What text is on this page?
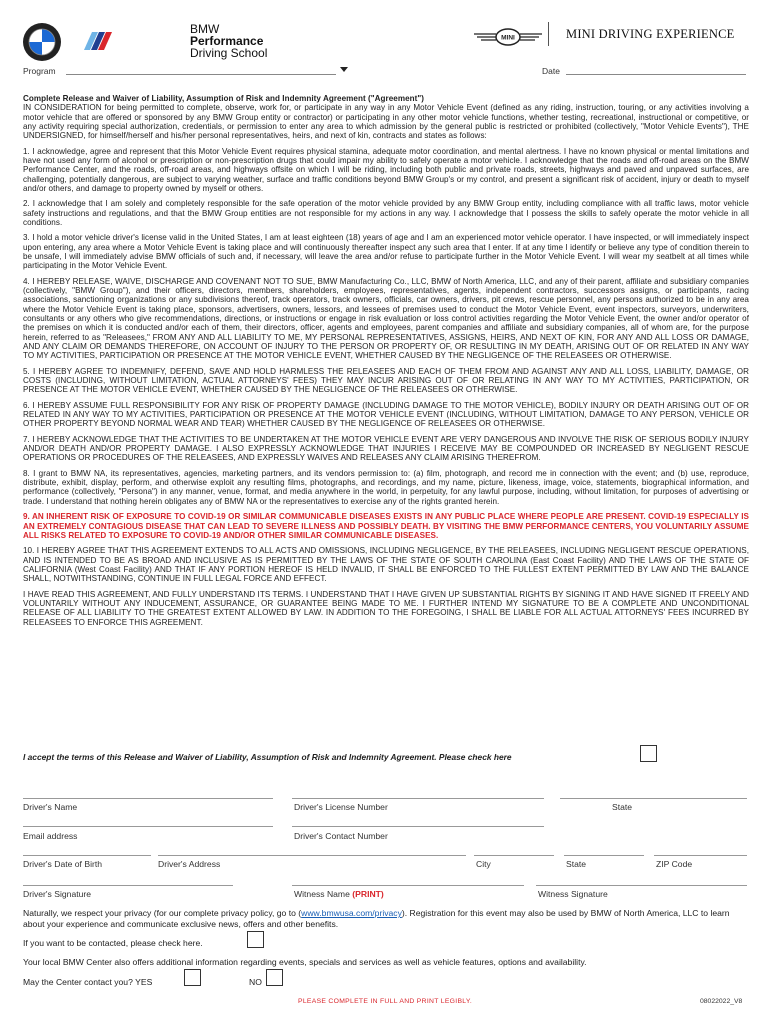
BMW
Performance
Driving School
MINI	MINI DRIVING EXPERIENCE
Program	Date

Complete Release and Waiver of Liability, Assumption of Risk and Indemnity Agreement ("Agreement")

IN CONSIDERATION for being permitted to complete, observe, work for, or participate in any way in any Motor Vehicle Event (defined as any riding, instruction, touring, or any activities involving a motor vehicle that are offered or sponsored by any BMW Group entity or contractor) or participating in any other motor vehicle functions, whether testing, recreational, instructional or competitive, or any activity requiring special authorization, credentials, or permission to enter any area to which admission by the general public is restricted or prohibited (collectively, "Motor Vehicle Events"), THE UNDERSIGNED, for himself/herself and his/her personal representatives, heirs, and next of kin, contracts and states as follows:

1. I acknowledge, agree and represent that this Motor Vehicle Event requires physical stamina, adequate motor coordination, and mental alertness. I have no known physical or mental limitations and have not used any form of alcohol or prescription or non-prescription drugs that could impair my ability to safely operate a motor vehicle. I acknowledge that the roads and off-road areas on the BMW Performance Center, and the roads, off-road areas, and highways offsite on which I will be riding, including both public and private roads, streets, highways and paved and unpaved surfaces, are challenging, potentially dangerous, are subject to varying weather, surface and traffic conditions beyond BMW Group's or my control, and present a significant risk of accident, injury or death to myself and/or others, and damage to property owned by myself or others.

2. I acknowledge that I am solely and completely responsible for the safe operation of the motor vehicle provided by any BMW Group entity, including compliance with all traffic laws, motor vehicle safety instructions and regulations, and that the BMW Group entities are not responsible for my actions in any way. I acknowledge that I possess the skills to safely operate the motor vehicle in all conditions.

3. I hold a motor vehicle driver's license valid in the United States, I am at least eighteen (18) years of age and I am an experienced motor vehicle operator. I have inspected, or will immediately inspect upon entering, any area where a Motor Vehicle Event is taking place and will continuously thereafter inspect any such area that I enter. If at any time I identify or believe any type of condition therein to be unsafe, I will immediately advise BMW officials of such and, if necessary, will leave the area and/or refuse to participate further in the Motor Vehicle Event. I will wear my seatbelt at all times while participating in the Motor Vehicle Event.

4. I HEREBY RELEASE, WAIVE, DISCHARGE AND COVENANT NOT TO SUE, BMW Manufacturing Co., LLC, BMW of North America, LLC, and any of their parent, affiliate and subsidiary companies (collectively, "BMW Group"), and their officers, directors, members, shareholders, employees, representatives, agents, independent contractors, successors assigns, or participants, racing associations, sanctioning organizations or any subdivisions thereof, track operators, track owners, officials, car owners, drivers, pit crews, rescue personnel, any persons authorized to be in any area where the Motor Vehicle Event is taking place, sponsors, advertisers, owners, lessors, and lessees of premises used to conduct the Motor Vehicle Event, event inspectors, surveyors, underwriters, consultants or any others who give recommendations, directions, or instructions or engage in risk evaluation or loss control activities regarding the Motor Vehicle Event, the owner and/or operator of the premises on which it is conducted and/or each of them, their directors, officer, agents and employees, parent companies and affiliate and subsidiary companies, all of whom are, for the purpose herein, referred to as "Releasees," FROM ANY AND ALL LIABILITY TO ME, MY PERSONAL REPRESENTATIVES, ASSIGNS, HEIRS, AND NEXT OF KIN, FOR ANY AND ALL LOSS OR DAMAGE, AND ANY CLAIM OR DEMANDS THEREFORE, ON ACCOUNT OF INJURY TO THE PERSON OR PROPERTY OF, OR RESULTING IN MY DEATH, ARISING OUT OF OR RELATED IN ANY WAY TO MY ACTIVITIES, PARTICIPATION OR PRESENCE AT THE MOTOR VEHICLE EVENT, WHETHER CAUSED BY THE NEGLIGENCE OF THE RELEASEES OR OTHERWISE.

5. I HEREBY AGREE TO INDEMNIFY, DEFEND, SAVE AND HOLD HARMLESS THE RELEASEES AND EACH OF THEM FROM AND AGAINST ANY AND ALL LOSS, LIABILITY, DAMAGE, OR COSTS (INCLUDING, WITHOUT LIMITATION, ACTUAL ATTORNEYS' FEES) THEY MAY INCUR ARISING OUT OF OR RELATING IN ANY WAY TO MY ACTIVITIES, PARTICIPATION, OR PRESENCE AT THE MOTOR VEHICLE EVENT, WHETHER CAUSED BY THE NEGLIGENCE OF THE RELEASEES OR OTHERWISE.

6. I HEREBY ASSUME FULL RESPONSIBILITY FOR ANY RISK OF PROPERTY DAMAGE (INCLUDING DAMAGE TO THE MOTOR VEHICLE), BODILY INJURY OR DEATH ARISING OUT OF OR RELATED IN ANY WAY TO MY ACTIVITIES, PARTICIPATION OR PRESENCE AT THE MOTOR VEHICLE EVENT (INCLUDING, WITHOUT LIMITATION, DAMAGE TO ANY PERSON, VEHICLE OR OTHER PROPERTY BEYOND NORMAL WEAR AND TEAR) WHETHER CAUSED BY THE NEGLIGENCE OF RELEASEES OR OTHERWISE.

7. I HEREBY ACKNOWLEDGE THAT THE ACTIVITIES TO BE UNDERTAKEN AT THE MOTOR VEHICLE EVENT ARE VERY DANGEROUS AND INVOLVE THE RISK OF SERIOUS BODILY INJURY AND/OR DEATH AND/OR PROPERTY DAMAGE. I ALSO EXPRESSLY ACKNOWLEDGE THAT INJURIES I RECEIVE MAY BE COMPOUNDED OR INCREASED BY NEGLIGENT RESCUE OPERATIONS OR PROCEDURES OF THE RELEASEES, AND EXPRESSLY WAIVES AND RELEASES ANY CLAIM ARISING THEREFROM.

8. I grant to BMW NA, its representatives, agencies, marketing partners, and its vendors permission to: (a) film, photograph, and record me in connection with the event; and (b) use, reproduce, distribute, exhibit, display, perform, and otherwise exploit any resulting films, photographs, and recordings, and my name, picture, likeness, image, voice, statements, biographical information, and performance (collectively, "Persona") in any manner, venue, format, and media anywhere in the world, in perpetuity, for any lawful purpose, including, without limitation, for purposes of advertising or trade. I understand that nothing herein obligates any of BMW NA or the representatives to exercise any of the rights granted herein.

9. AN INHERENT RISK OF EXPOSURE TO COVID-19 OR SIMILAR COMMUNICABLE DISEASES EXISTS IN ANY PUBLIC PLACE WHERE PEOPLE ARE PRESENT. COVID-19 ESPECIALLY IS AN EXTREMELY CONTAGIOUS DISEASE THAT CAN LEAD TO SEVERE ILLNESS AND POSSIBLY DEATH. BY VISITING THE BMW PERFORMANCE CENTERS, YOU VOLUNTARILY ASSUME ALL RISKS RELATED TO EXPOSURE TO COVID-19 AND/OR OTHER SIMILAR COMMUNICABLE DISEASES.

10. I HEREBY AGREE THAT THIS AGREEMENT EXTENDS TO ALL ACTS AND OMISSIONS, INCLUDING NEGLIGENCE, BY THE RELEASEES, INCLUDING NEGLIGENT RESCUE OPERATIONS, AND IS INTENDED TO BE AS BROAD AND INCLUSIVE AS IS PERMITTED BY THE LAWS OF THE STATE OF SOUTH CAROLINA (East Coast Facility) AND THE LAWS OF THE STATE OF CALIFORNIA (West Coast Facility) AND THAT IF ANY PORTION HEREOF IS HELD INVALID, IT SHALL BE ENFORCED TO THE FULLEST EXTENT PERMITTED BY LAW AND THE BALANCE SHALL, NOTWITHSTANDING, CONTINUE IN FULL LEGAL FORCE AND EFFECT.

I HAVE READ THIS AGREEMENT, AND FULLY UNDERSTAND ITS TERMS. I UNDERSTAND THAT I HAVE GIVEN UP SUBSTANTIAL RIGHTS BY SIGNING IT AND HAVE SIGNED IT FREELY AND VOLUNTARILY WITHOUT ANY INDUCEMENT, ASSURANCE, OR GUARANTEE BEING MADE TO ME. I FURTHER INTEND MY SIGNATURE TO BE A COMPLETE AND UNCONDITIONAL RELEASE OF ALL LIABILITY TO THE GREATEST EXTENT ALLOWED BY LAW. IN ADDITION TO THE FOREGOING, I SHALL BE LIABLE FOR ALL ACTUAL ATTORNEYS' FEES INCURRED BY RELEASEES TO ENFORCE THIS AGREEMENT.

I accept the terms of this Release and Waiver of Liability, Assumption of Risk and Indemnity Agreement. Please check here
Driver's Name	Driver's License Number	State
Email address	Driver's Contact Number
Driver's Date of Birth	Driver's Address	City	State	ZIP Code
Driver's Signature	Witness Name (PRINT)	Witness Signature
Naturally, we respect your privacy (for our complete privacy policy, go to (www.bmwusa.com/privacy). Registration for this event may also be used by BMW of North America, LLC to learn about your experience and communicate exclusive news, offers and other benefits.
If you want to be contacted, please check here.
Your local BMW Center also offers additional information regarding events, specials and services as well as vehicle features, options and availability.
May the Center contact you? YES	NO
PLEASE COMPLETE IN FULL AND PRINT LEGIBLY.	08022022_V8
